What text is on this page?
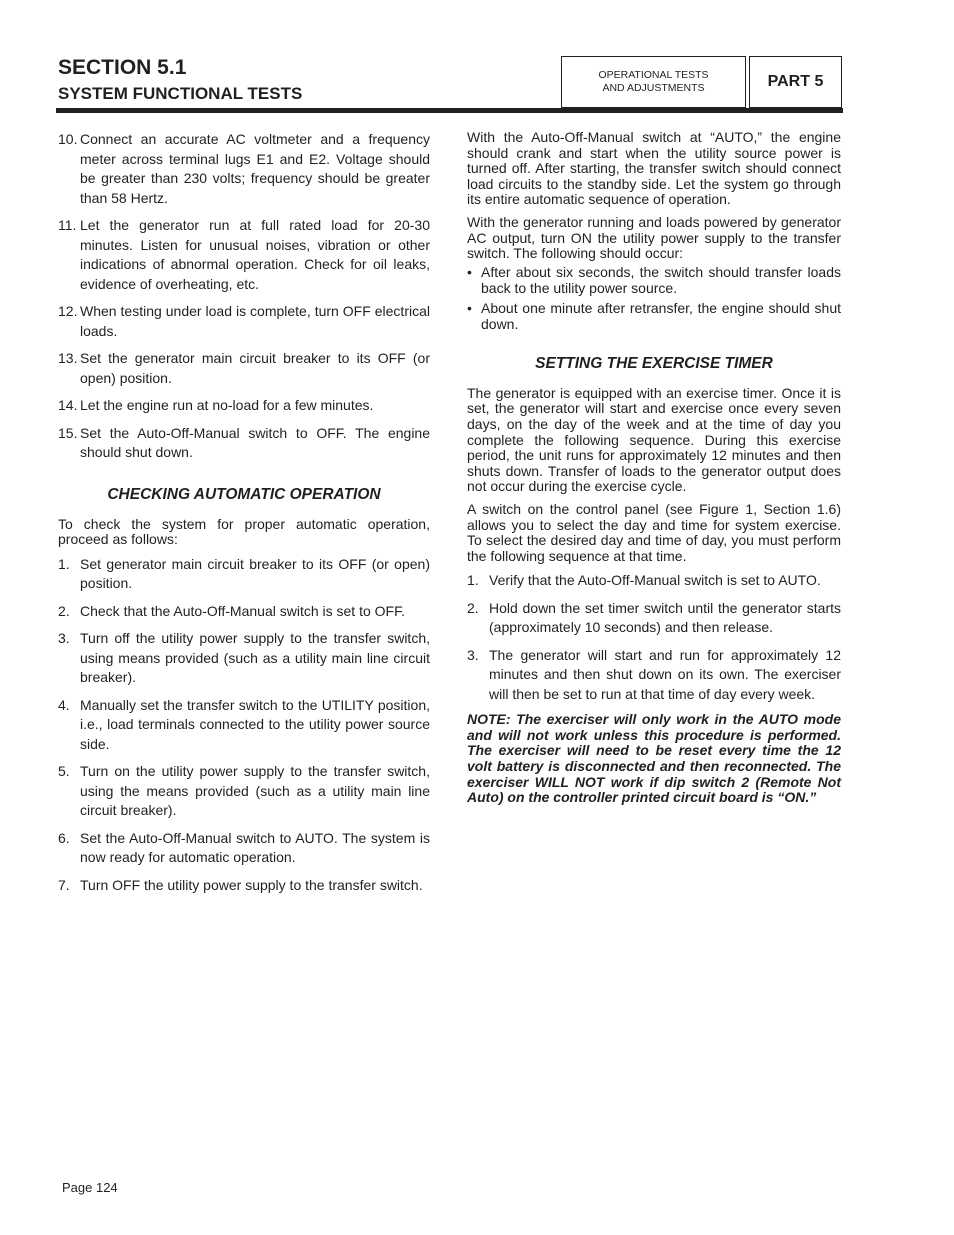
SECTION 5.1
SYSTEM FUNCTIONAL TESTS
OPERATIONAL TESTS
AND ADJUSTMENTS	PART 5
10. Connect an accurate AC voltmeter and a frequency meter across terminal lugs E1 and E2. Voltage should be greater than 230 volts; frequency should be greater than 58 Hertz.
11. Let the generator run at full rated load for 20-30 minutes. Listen for unusual noises, vibration or other indications of abnormal operation. Check for oil leaks, evidence of overheating, etc.
12. When testing under load is complete, turn OFF electrical loads.
13. Set the generator main circuit breaker to its OFF (or open) position.
14. Let the engine run at no-load for a few minutes.
15. Set the Auto-Off-Manual switch to OFF. The engine should shut down.
CHECKING AUTOMATIC OPERATION

To check the system for proper automatic operation, proceed as follows:

1. Set generator main circuit breaker to its OFF (or open) position.
2. Check that the Auto-Off-Manual switch is set to OFF.
3. Turn off the utility power supply to the transfer switch, using means provided (such as a utility main line circuit breaker).
4. Manually set the transfer switch to the UTILITY position, i.e., load terminals connected to the utility power source side.
5. Turn on the utility power supply to the transfer switch, using the means provided (such as a utility main line circuit breaker).
6. Set the Auto-Off-Manual switch to AUTO. The system is now ready for automatic operation.
7. Turn OFF the utility power supply to the transfer switch.

With the Auto-Off-Manual switch at “AUTO,” the engine should crank and start when the utility source power is turned off. After starting, the transfer switch should connect load circuits to the standby side. Let the system go through its entire automatic sequence of operation.

With the generator running and loads powered by generator AC output, turn ON the utility power supply to the transfer switch. The following should occur:

• After about six seconds, the switch should transfer loads back to the utility power source.
• About one minute after retransfer, the engine should shut down.
SETTING THE EXERCISE TIMER

The generator is equipped with an exercise timer. Once it is set, the generator will start and exercise once every seven days, on the day of the week and at the time of day you complete the following sequence. During this exercise period, the unit runs for approximately 12 minutes and then shuts down. Transfer of loads to the generator output does not occur during the exercise cycle.

A switch on the control panel (see Figure 1, Section 1.6) allows you to select the day and time for system exercise. To select the desired day and time of day, you must perform the following sequence at that time.

1. Verify that the Auto-Off-Manual switch is set to AUTO.
2. Hold down the set timer switch until the generator starts (approximately 10 seconds) and then release.
3. The generator will start and run for approximately 12 minutes and then shut down on its own. The exerciser will then be set to run at that time of day every week.

NOTE: The exerciser will only work in the AUTO mode and will not work unless this procedure is performed. The exerciser will need to be reset every time the 12 volt battery is disconnected and then reconnected. The exerciser WILL NOT work if dip switch 2 (Remote Not Auto) on the controller printed circuit board is “ON.”

Page 124
